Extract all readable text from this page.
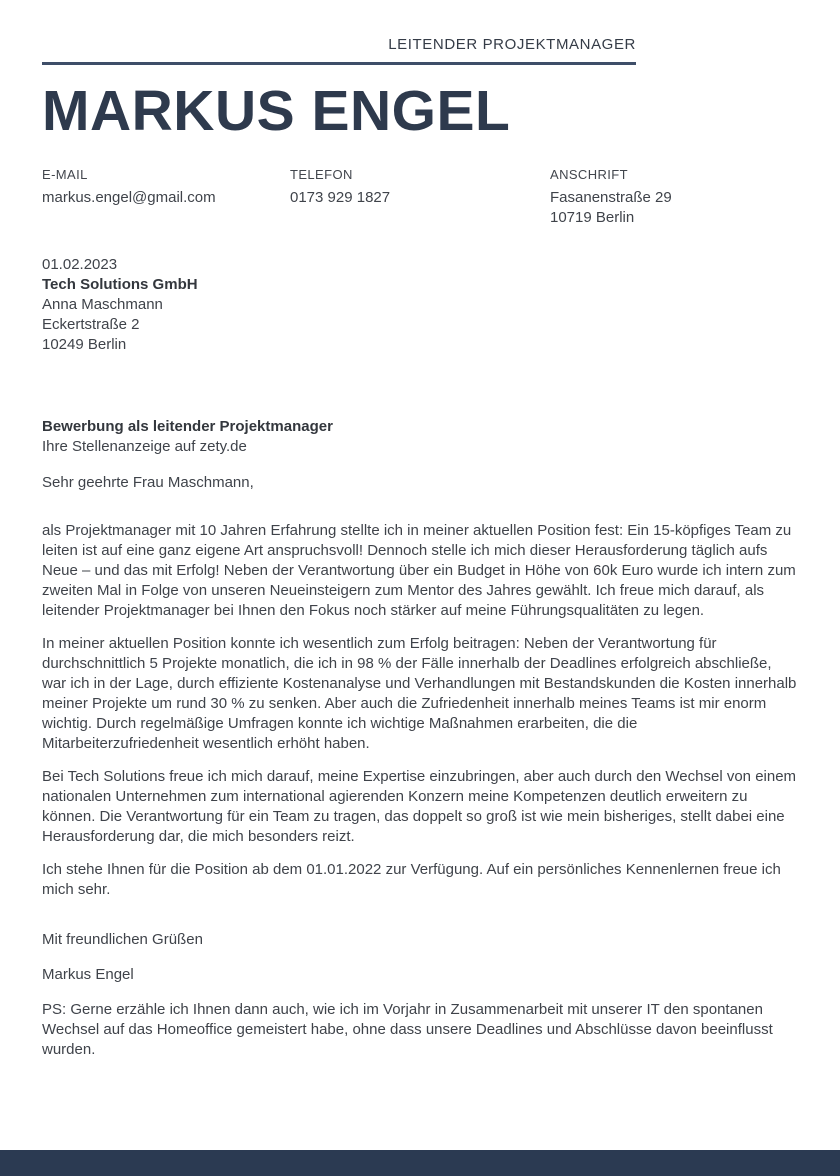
LEITENDER PROJEKTMANAGER
MARKUS ENGEL
E-MAIL
markus.engel@gmail.com
TELEFON
0173 929 1827
ANSCHRIFT
Fasanenstraße 29
10719 Berlin
01.02.2023
Tech Solutions GmbH
Anna Maschmann
Eckertstraße 2
10249 Berlin
Bewerbung als leitender Projektmanager
Ihre Stellenanzeige auf zety.de
Sehr geehrte Frau Maschmann,

als Projektmanager mit 10 Jahren Erfahrung stellte ich in meiner aktuellen Position fest: Ein 15-köpfiges Team zu leiten ist auf eine ganz eigene Art anspruchsvoll! Dennoch stelle ich mich dieser Herausforderung täglich aufs Neue – und das mit Erfolg! Neben der Verantwortung über ein Budget in Höhe von 60k Euro wurde ich intern zum zweiten Mal in Folge von unseren Neueinsteigern zum Mentor des Jahres gewählt. Ich freue mich darauf, als leitender Projektmanager bei Ihnen den Fokus noch stärker auf meine Führungsqualitäten zu legen.

In meiner aktuellen Position konnte ich wesentlich zum Erfolg beitragen: Neben der Verantwortung für durchschnittlich 5 Projekte monatlich, die ich in 98 % der Fälle innerhalb der Deadlines erfolgreich abschließe, war ich in der Lage, durch effiziente Kostenanalyse und Verhandlungen mit Bestandskunden die Kosten innerhalb meiner Projekte um rund 30 % zu senken. Aber auch die Zufriedenheit innerhalb meines Teams ist mir enorm wichtig. Durch regelmäßige Umfragen konnte ich wichtige Maßnahmen erarbeiten, die die Mitarbeiterzufriedenheit wesentlich erhöht haben.

Bei Tech Solutions freue ich mich darauf, meine Expertise einzubringen, aber auch durch den Wechsel von einem nationalen Unternehmen zum international agierenden Konzern meine Kompetenzen deutlich erweitern zu können. Die Verantwortung für ein Team zu tragen, das doppelt so groß ist wie mein bisheriges, stellt dabei eine Herausforderung dar, die mich besonders reizt.

Ich stehe Ihnen für die Position ab dem 01.01.2022 zur Verfügung. Auf ein persönliches Kennenlernen freue ich mich sehr.

Mit freundlichen Grüßen
Markus Engel

PS: Gerne erzähle ich Ihnen dann auch, wie ich im Vorjahr in Zusammenarbeit mit unserer IT den spontanen Wechsel auf das Homeoffice gemeistert habe, ohne dass unsere Deadlines und Abschlüsse davon beeinflusst wurden.
